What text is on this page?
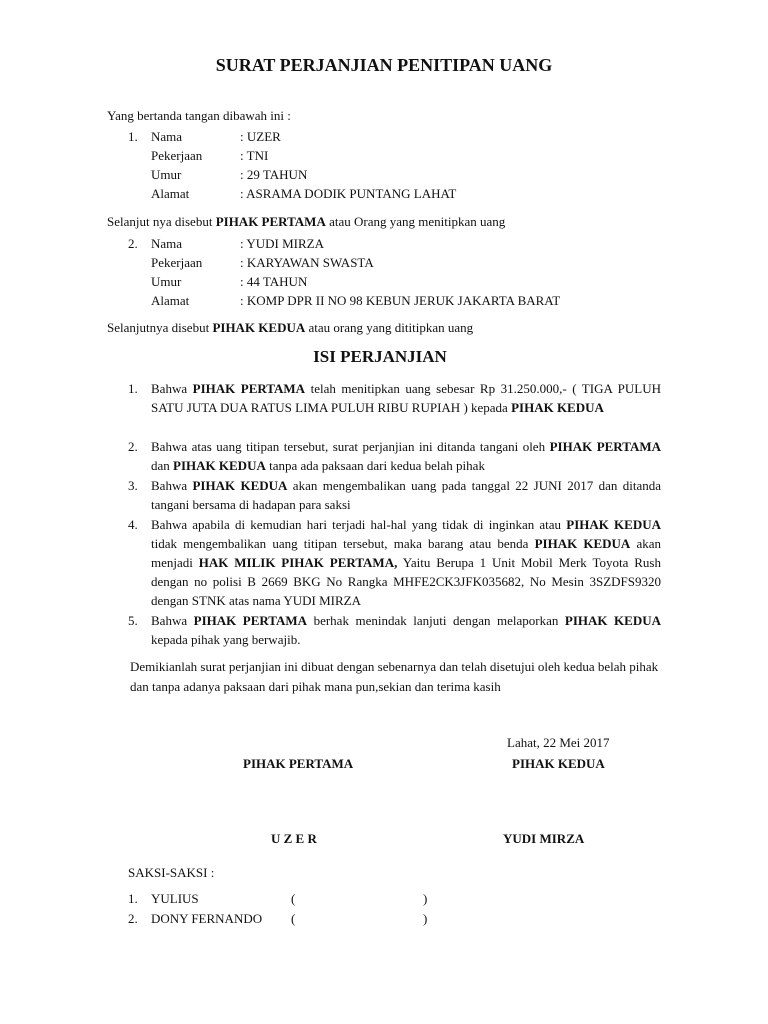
SURAT PERJANJIAN PENITIPAN UANG
Yang bertanda tangan dibawah ini :
1. Nama	: UZER
Pekerjaan	: TNI
Umur	: 29 TAHUN
Alamat	: ASRAMA DODIK PUNTANG LAHAT
Selanjut nya disebut PIHAK PERTAMA atau Orang yang menitipkan uang
2. Nama	: YUDI MIRZA
Pekerjaan	: KARYAWAN SWASTA
Umur	: 44 TAHUN
Alamat	: KOMP DPR II NO 98 KEBUN JERUK JAKARTA BARAT
Selanjutnya disebut PIHAK KEDUA atau orang yang dititipkan uang
ISI PERJANJIAN
1. Bahwa PIHAK PERTAMA telah menitipkan uang sebesar Rp 31.250.000,- ( TIGA PULUH SATU JUTA DUA RATUS LIMA PULUH RIBU RUPIAH ) kepada PIHAK KEDUA
2. Bahwa atas uang titipan tersebut, surat perjanjian ini ditanda tangani oleh PIHAK PERTAMA dan PIHAK KEDUA tanpa ada paksaan dari kedua belah pihak
3. Bahwa PIHAK KEDUA akan mengembalikan uang pada tanggal 22 JUNI 2017 dan ditanda tangani bersama di hadapan para saksi
4. Bahwa apabila di kemudian hari terjadi hal-hal yang tidak di inginkan atau PIHAK KEDUA tidak mengembalikan uang titipan tersebut, maka barang atau benda PIHAK KEDUA akan menjadi HAK MILIK PIHAK PERTAMA, Yaitu Berupa 1 Unit Mobil Merk Toyota Rush dengan no polisi B 2669 BKG No Rangka MHFE2CK3JFK035682, No Mesin 3SZDFS9320 dengan STNK atas nama YUDI MIRZA
5. Bahwa PIHAK PERTAMA berhak menindak lanjuti dengan melaporkan PIHAK KEDUA kepada pihak yang berwajib.
Demikianlah surat perjanjian ini dibuat dengan sebenarnya dan telah disetujui oleh kedua belah pihak dan tanpa adanya paksaan dari pihak mana pun,sekian dan terima kasih
Lahat, 22 Mei 2017
PIHAK PERTAMA	PIHAK KEDUA
U Z E R	YUDI MIRZA
SAKSI-SAKSI :
1. YULIUS	(	)
2. DONY FERNANDO (	)
